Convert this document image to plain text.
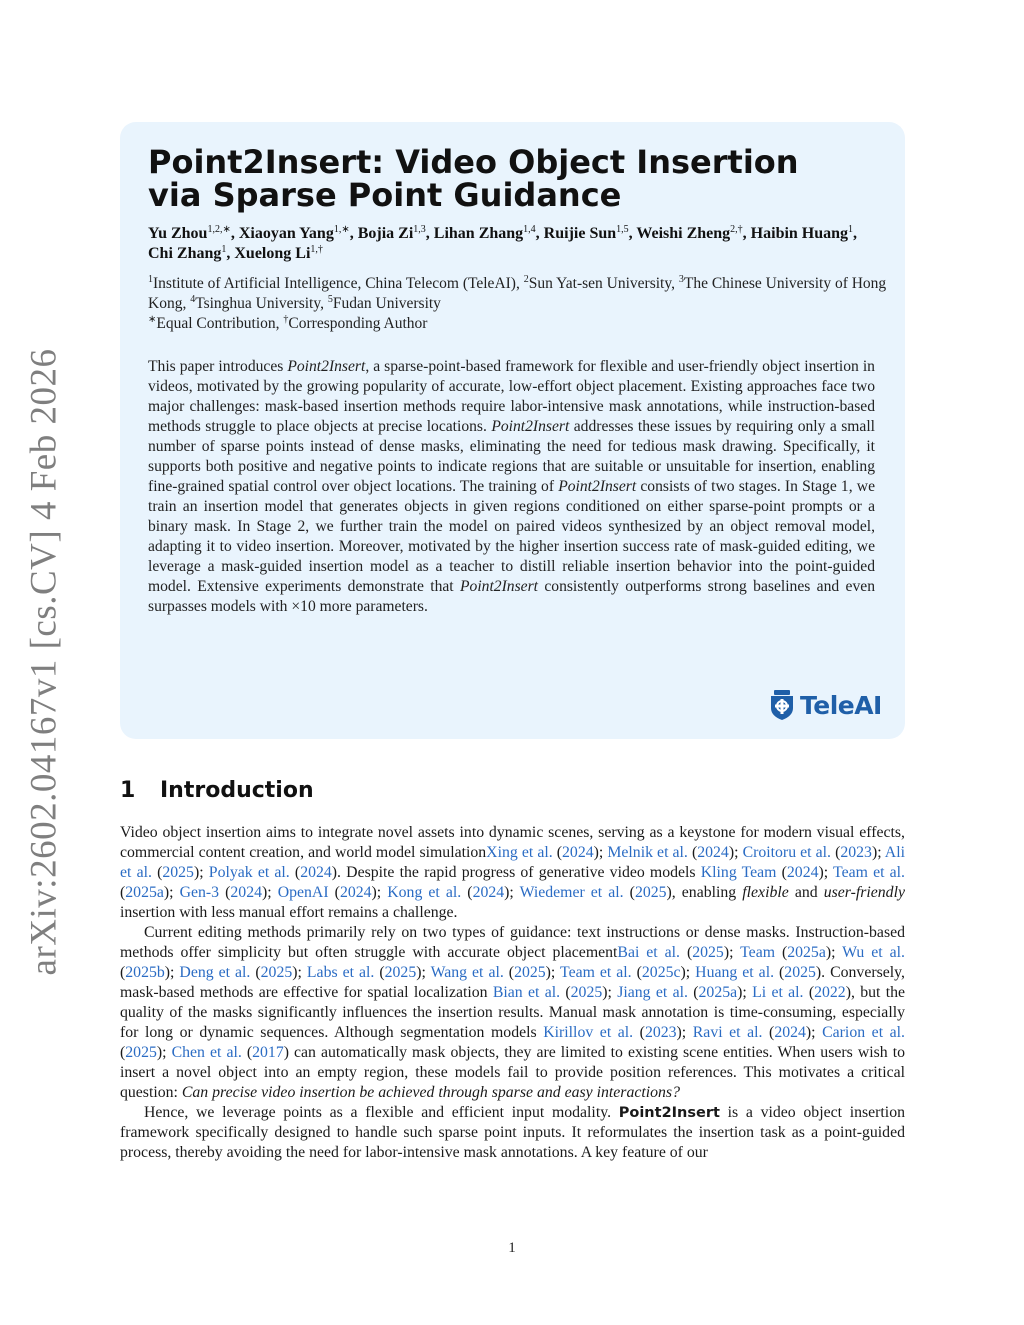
arXiv:2602.04167v1 [cs.CV] 4 Feb 2026
Point2Insert: Video Object Insertion via Sparse Point Guidance
Yu Zhou$^{1,2,∗}$, Xiaoyan Yang$^{1,∗}$, Bojia Zi$^{1,3}$, Lihan Zhang$^{1,4}$, Ruijie Sun$^{1,5}$, Weishi Zheng$^{2,\dagger}$, Haibin Huang$^1$, Chi Zhang$^1$, Xuelong $Li^{1,\dagger}$
$^1$Institute of Artificial Intelligence, China Telecom (TeleAI), $^2$Sun Yat-sen University, $^3$The Chinese University of Hong Kong, $^4$Tsinghua University, $^5$Fudan University
∗Equal Contribution, †Corresponding Author
This paper introduces Point2Insert, a sparse-point-based framework for flexible and user-friendly object insertion in videos, motivated by the growing popularity of accurate, low-effort object placement. Existing approaches face two major challenges: mask-based insertion methods require labor-intensive mask annotations, while instruction-based methods struggle to place objects at precise locations. Point2Insert addresses these issues by requiring only a small number of sparse points instead of dense masks, eliminating the need for tedious mask drawing. Specifically, it supports both positive and negative points to indicate regions that are suitable or unsuitable for insertion, enabling fine-grained spatial control over object locations. The training of Point2Insert consists of two stages. In Stage 1, we train an insertion model that generates objects in given regions conditioned on either sparse-point prompts or a binary mask. In Stage 2, we further train the model on paired videos synthesized by an object removal model, adapting it to video insertion. Moreover, motivated by the higher insertion success rate of mask-guided editing, we leverage a mask-guided insertion model as a teacher to distill reliable insertion behavior into the point-guided model. Extensive experiments demonstrate that Point2Insert consistently outperforms strong baselines and even surpasses models with ×10 more parameters.
TeleAI
1 Introduction

Video object insertion aims to integrate novel assets into dynamic scenes, serving as a keystone for modern visual effects, commercial content creation, and world model simulationXing et al. (2024); Melnik et al. (2024); Croitoru et al. (2023); Ali et al. (2025); Polyak et al. (2024). Despite the rapid progress of generative video models Kling Team (2024); Team et al. (2025a); Gen-3 (2024); OpenAI (2024); Kong et al. (2024); Wiedemer et al. (2025), enabling flexible and user-friendly insertion with less manual effort remains a challenge.

Current editing methods primarily rely on two types of guidance: text instructions or dense masks. Instruction-based methods offer simplicity but often struggle with accurate object placementBai et al. (2025); Team (2025a); Wu et al. (2025b); Deng et al. (2025); Labs et al. (2025); Wang et al. (2025); Team et al. (2025c); Huang et al. (2025). Conversely, mask-based methods are effective for spatial localization Bian et al. (2025); Jiang et al. (2025a); Li et al. (2022), but the quality of the masks significantly influences the insertion results. Manual mask annotation is time-consuming, especially for long or dynamic sequences. Although segmentation models Kirillov et al. (2023); Ravi et al. (2024); Carion et al. (2025); Chen et al. (2017) can automatically mask objects, they are limited to existing scene entities. When users wish to insert a novel object into an empty region, these models fail to provide position references. This motivates a critical question: Can precise video insertion be achieved through sparse and easy interactions?

Hence, we leverage points as a flexible and efficient input modality. Point2Insert is a video object insertion framework specifically designed to handle such sparse point inputs. It reformulates the insertion task as a point-guided process, thereby avoiding the need for labor-intensive mask annotations. A key feature of our

1
